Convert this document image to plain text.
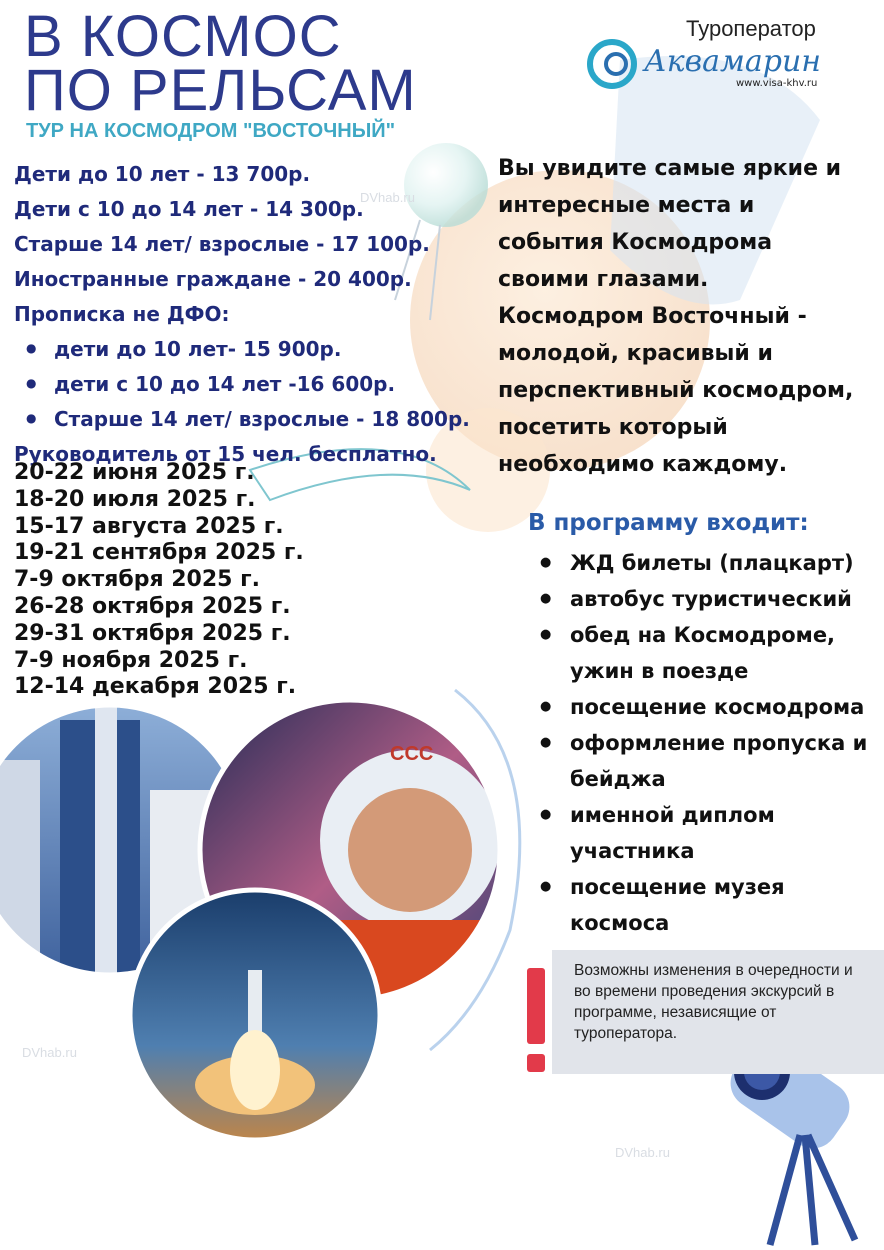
DVhab.ru
DVhab.ru
DVhab.ru
В КОСМОС
ПО РЕЛЬСАМ
ТУР НА КОСМОДРОМ "ВОСТОЧНЫЙ"
Туроператор
Аквамарин
www.visa-khv.ru
Дети до 10 лет - 13 700р.
Дети с 10 до 14 лет - 14 300р.
Старше 14 лет/ взрослые - 17 100р.
Иностранные граждане - 20 400р.
Прописка не ДФО:
● дети до 10 лет- 15 900р.
● дети с 10 до 14 лет -16 600р.
● Старше 14 лет/ взрослые - 18 800р.
Руководитель от 15 чел. бесплатно.
20-22 июня 2025 г.
18-20 июля 2025 г.
15-17 августа 2025 г.
19-21 сентября 2025 г.
7-9 октября 2025 г.
26-28 октября 2025 г.
29-31 октября 2025 г.
7-9 ноября 2025 г.
12-14 декабря 2025 г.
Вы увидите самые яркие и интересные места и события Космодрома своими глазами. Космодром Восточный - молодой, красивый и перспективный космодром, посетить который необходимо каждому.
В программу входит:
● ЖД билеты (плацкарт)
● автобус туристический
● обед на Космодроме, ужин в поезде
● посещение космодрома
● оформление пропуска и бейджа
● именной диплом участника
● посещение музея космоса
rine
ССС

Возможны изменения в очередности и во времени проведения экскурсий в программе, независящие от туроператора.
